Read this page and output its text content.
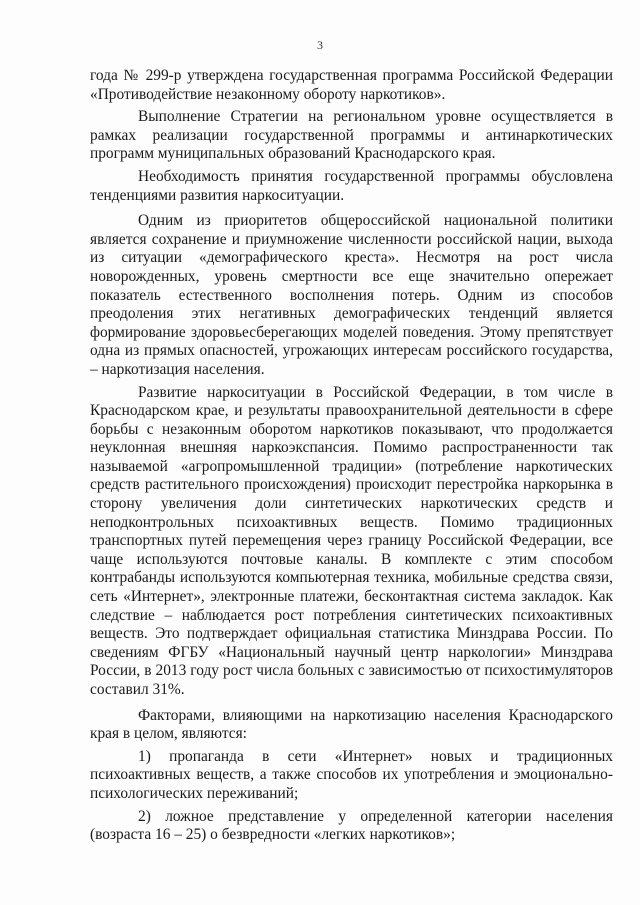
3

года № 299-р утверждена государственная программа Российской Федерации «Противодействие незаконному обороту наркотиков».

Выполнение Стратегии на региональном уровне осуществляется в рамках реализации государственной программы и антинаркотических программ муниципальных образований Краснодарского края.

Необходимость принятия государственной программы обусловлена тенденциями развития наркоситуации.

Одним из приоритетов общероссийской национальной политики является сохранение и приумножение численности российской нации, выхода из ситуации «демографического креста». Несмотря на рост числа новорожденных, уровень смертности все еще значительно опережает показатель естественного восполнения потерь. Одним из способов преодоления этих негативных демографических тенденций является формирование здоровьесберегающих моделей поведения. Этому препятствует одна из прямых опасностей, угрожающих интересам российского государства, – наркотизация населения.

Развитие наркоситуации в Российской Федерации, в том числе в Краснодарском крае, и результаты правоохранительной деятельности в сфере борьбы с незаконным оборотом наркотиков показывают, что продолжается неуклонная внешняя наркоэкспансия. Помимо распространенности так называемой «агропромышленной традиции» (потребление наркотических средств растительного происхождения) происходит перестройка наркорынка в сторону увеличения доли синтетических наркотических средств и неподконтрольных психоактивных веществ. Помимо традиционных транспортных путей перемещения через границу Российской Федерации, все чаще используются почтовые каналы. В комплекте с этим способом контрабанды используются компьютерная техника, мобильные средства связи, сеть «Интернет», электронные платежи, бесконтактная система закладок. Как следствие – наблюдается рост потребления синтетических психоактивных веществ. Это подтверждает официальная статистика Минздрава России. По сведениям ФГБУ «Национальный научный центр наркологии» Минздрава России, в 2013 году рост числа больных с зависимостью от психостимуляторов составил 31%.

Факторами, влияющими на наркотизацию населения Краснодарского края в целом, являются:

1) пропаганда в сети «Интернет» новых и традиционных психоактивных веществ, а также способов их употребления и эмоционально-психологических переживаний;

2) ложное представление у определенной категории населения (возраста 16 – 25) о безвредности «легких наркотиков»;
